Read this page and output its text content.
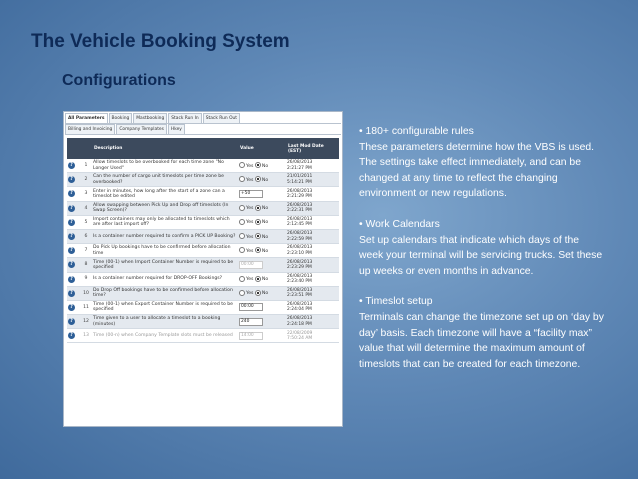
The Vehicle Booking System
Configurations
All Parameters	Booking	Mastbooking	Stack Run In	Stack Run Out
Billing and Invoicing	Company Templates	Hkey
		Description	Value	Last Mod Date
(EST)
?	1	Allow timeslots to be overbooked for each time zone "No Longer Used"	Yes No	26/08/2013
2:21:27 PM
?	2	Can the number of cargo unit timeslots per time zone be overbooked?	Yes No	21/01/2011
5:14:21 PM
?	3	Enter in minutes, how long after the start of a zone can a timeslot be edited	+50	26/08/2013
2:21:29 PM
?	4	Allow swapping between Pick Up and Drop off timeslots (In Swap Screen)?	Yes No	26/08/2013
2:22:31 PM
?	5	Import containers may only be allocated to timeslots which are after last import off?	Yes No	26/08/2013
2:12:45 PM
?	6	Is a container number required to confirm a PICK UP Booking?	Yes No	26/08/2013
2:22:59 PM
?	7	Do Pick Up bookings have to be confirmed before allocation time	Yes No	26/08/2013
2:23:10 PM
?	8	Time (00-1) when Import Container Number is required to be specified	00:00	26/08/2013
2:23:29 PM
?	9	Is a container number required for DROP-OFF Bookings?	Yes No	26/08/2013
2:23:40 PM
?	10	Do Drop Off bookings have to be confirmed before allocation time?	Yes No	26/08/2013
2:23:51 PM
?	11	Time (00-1) when Export Container Number is required to be specified	00:00	26/08/2013
2:24:04 PM
?	12	Time given to a user to allocate a timeslot to a booking (minutes)	240	26/08/2013
2:24:18 PM
?	13	Time (00-n) when Company Template slots must be released	14:00	22/08/2009
7:50:24 AM

• 180+ configurable rules

These parameters determine how the VBS is used. The settings take effect immediately, and can be changed at any time to reflect the changing environment or new regulations.

• Work Calendars

Set up calendars that indicate which days of the week your terminal will be servicing trucks. Set these up weeks or even months in advance.

• Timeslot setup

Terminals can change the timezone set up on ‘day by day’ basis. Each timezone will have a “facility max” value that will determine the maximum amount of timeslots that can be created for each timezone.
